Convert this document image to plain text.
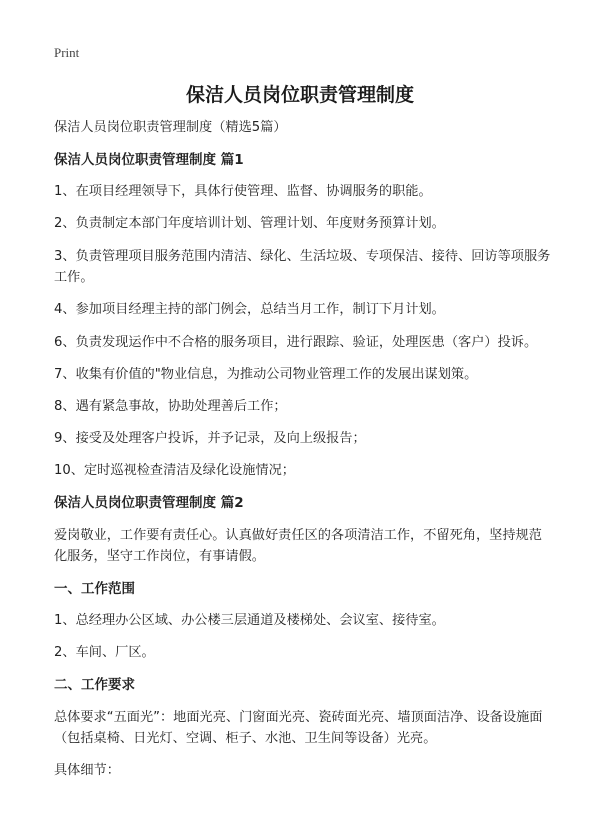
Print
保洁人员岗位职责管理制度

保洁人员岗位职责管理制度（精选5篇）

保洁人员岗位职责管理制度 篇1

1、在项目经理领导下，具体行使管理、监督、协调服务的职能。

2、负责制定本部门年度培训计划、管理计划、年度财务预算计划。

3、负责管理项目服务范围内清洁、绿化、生活垃圾、专项保洁、接待、回访等项服务工作。

4、参加项目经理主持的部门例会，总结当月工作，制订下月计划。

6、负责发现运作中不合格的服务项目，进行跟踪、验证，处理医患（客户）投诉。

7、收集有价值的"物业信息，为推动公司物业管理工作的发展出谋划策。

8、遇有紧急事故，协助处理善后工作；

9、接受及处理客户投诉，并予记录，及向上级报告；

10、定时巡视检查清洁及绿化设施情况；

保洁人员岗位职责管理制度 篇2

爱岗敬业，工作要有责任心。认真做好责任区的各项清洁工作，不留死角，坚持规范化服务，坚守工作岗位，有事请假。

一、工作范围

1、总经理办公区域、办公楼三层通道及楼梯处、会议室、接待室。

2、车间、厂区。

二、工作要求

总体要求“五面光”：地面光亮、门窗面光亮、瓷砖面光亮、墙顶面洁净、设备设施面（包括桌椅、日光灯、空调、柜子、水池、卫生间等设备）光亮。

具体细节：
